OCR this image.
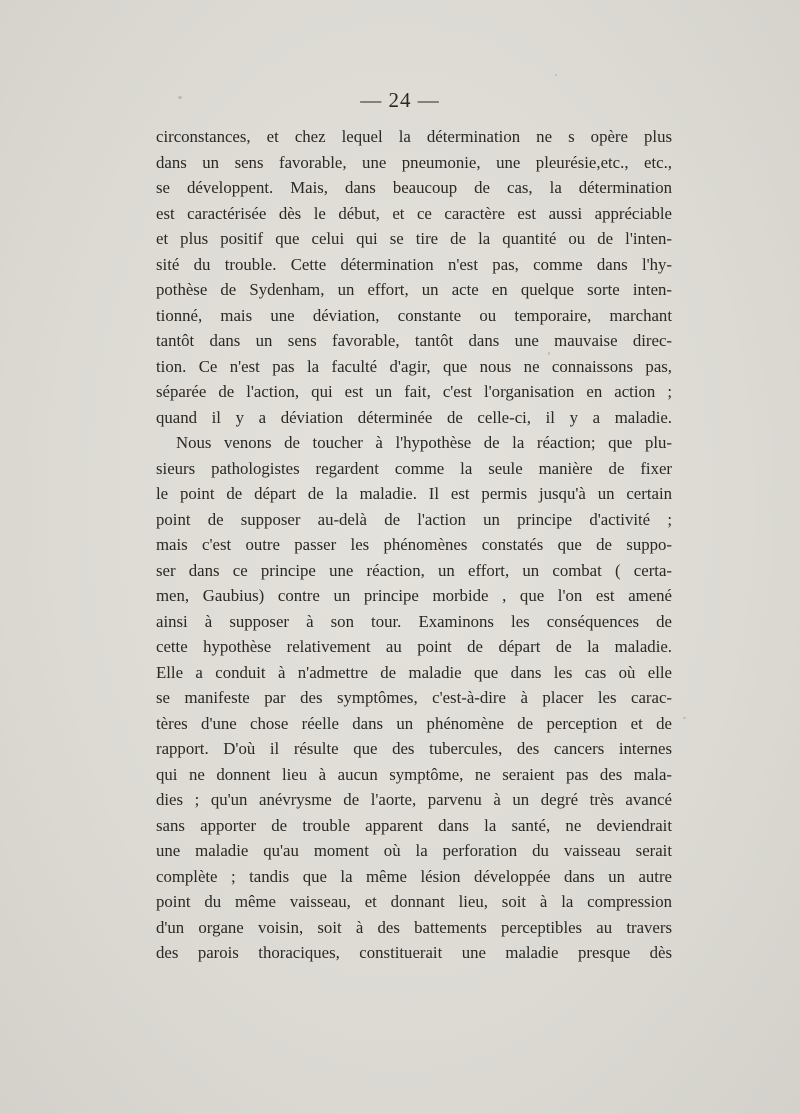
— 24 —
circonstances, et chez lequel la détermination ne s opère plus
dans un sens favorable, une pneumonie, une pleurésie,etc., etc.,
se développent. Mais, dans beaucoup de cas, la détermination
est caractérisée dès le début, et ce caractère est aussi appréciable
et plus positif que celui qui se tire de la quantité ou de l'inten-
sité du trouble. Cette détermination n'est pas, comme dans l'hy-
pothèse de Sydenham, un effort, un acte en quelque sorte inten-
tionné, mais une déviation, constante ou temporaire, marchant
tantôt dans un sens favorable, tantôt dans une mauvaise direc-
tion. Ce n'est pas la faculté d'agir, que nous ne connaissons pas,
séparée de l'action, qui est un fait, c'est l'organisation en action ;
quand il y a déviation déterminée de celle-ci, il y a maladie.
Nous venons de toucher à l'hypothèse de la réaction; que plu-
sieurs pathologistes regardent comme la seule manière de fixer
le point de départ de la maladie. Il est permis jusqu'à un certain
point de supposer au-delà de l'action un principe d'activité ;
mais c'est outre passer les phénomènes constatés que de suppo-
ser dans ce principe une réaction, un effort, un combat ( certa-
men, Gaubius) contre un principe morbide , que l'on est amené
ainsi à supposer à son tour. Examinons les conséquences de
cette hypothèse relativement au point de départ de la maladie.
Elle a conduit à n'admettre de maladie que dans les cas où elle
se manifeste par des symptômes, c'est-à-dire à placer les carac-
tères d'une chose réelle dans un phénomène de perception et de
rapport. D'où il résulte que des tubercules, des cancers internes
qui ne donnent lieu à aucun symptôme, ne seraient pas des mala-
dies ; qu'un anévrysme de l'aorte, parvenu à un degré très avancé
sans apporter de trouble apparent dans la santé, ne deviendrait
une maladie qu'au moment où la perforation du vaisseau serait
complète ; tandis que la même lésion développée dans un autre
point du même vaisseau, et donnant lieu, soit à la compression
d'un organe voisin, soit à des battements perceptibles au travers
des parois thoraciques, constituerait une maladie presque dès
